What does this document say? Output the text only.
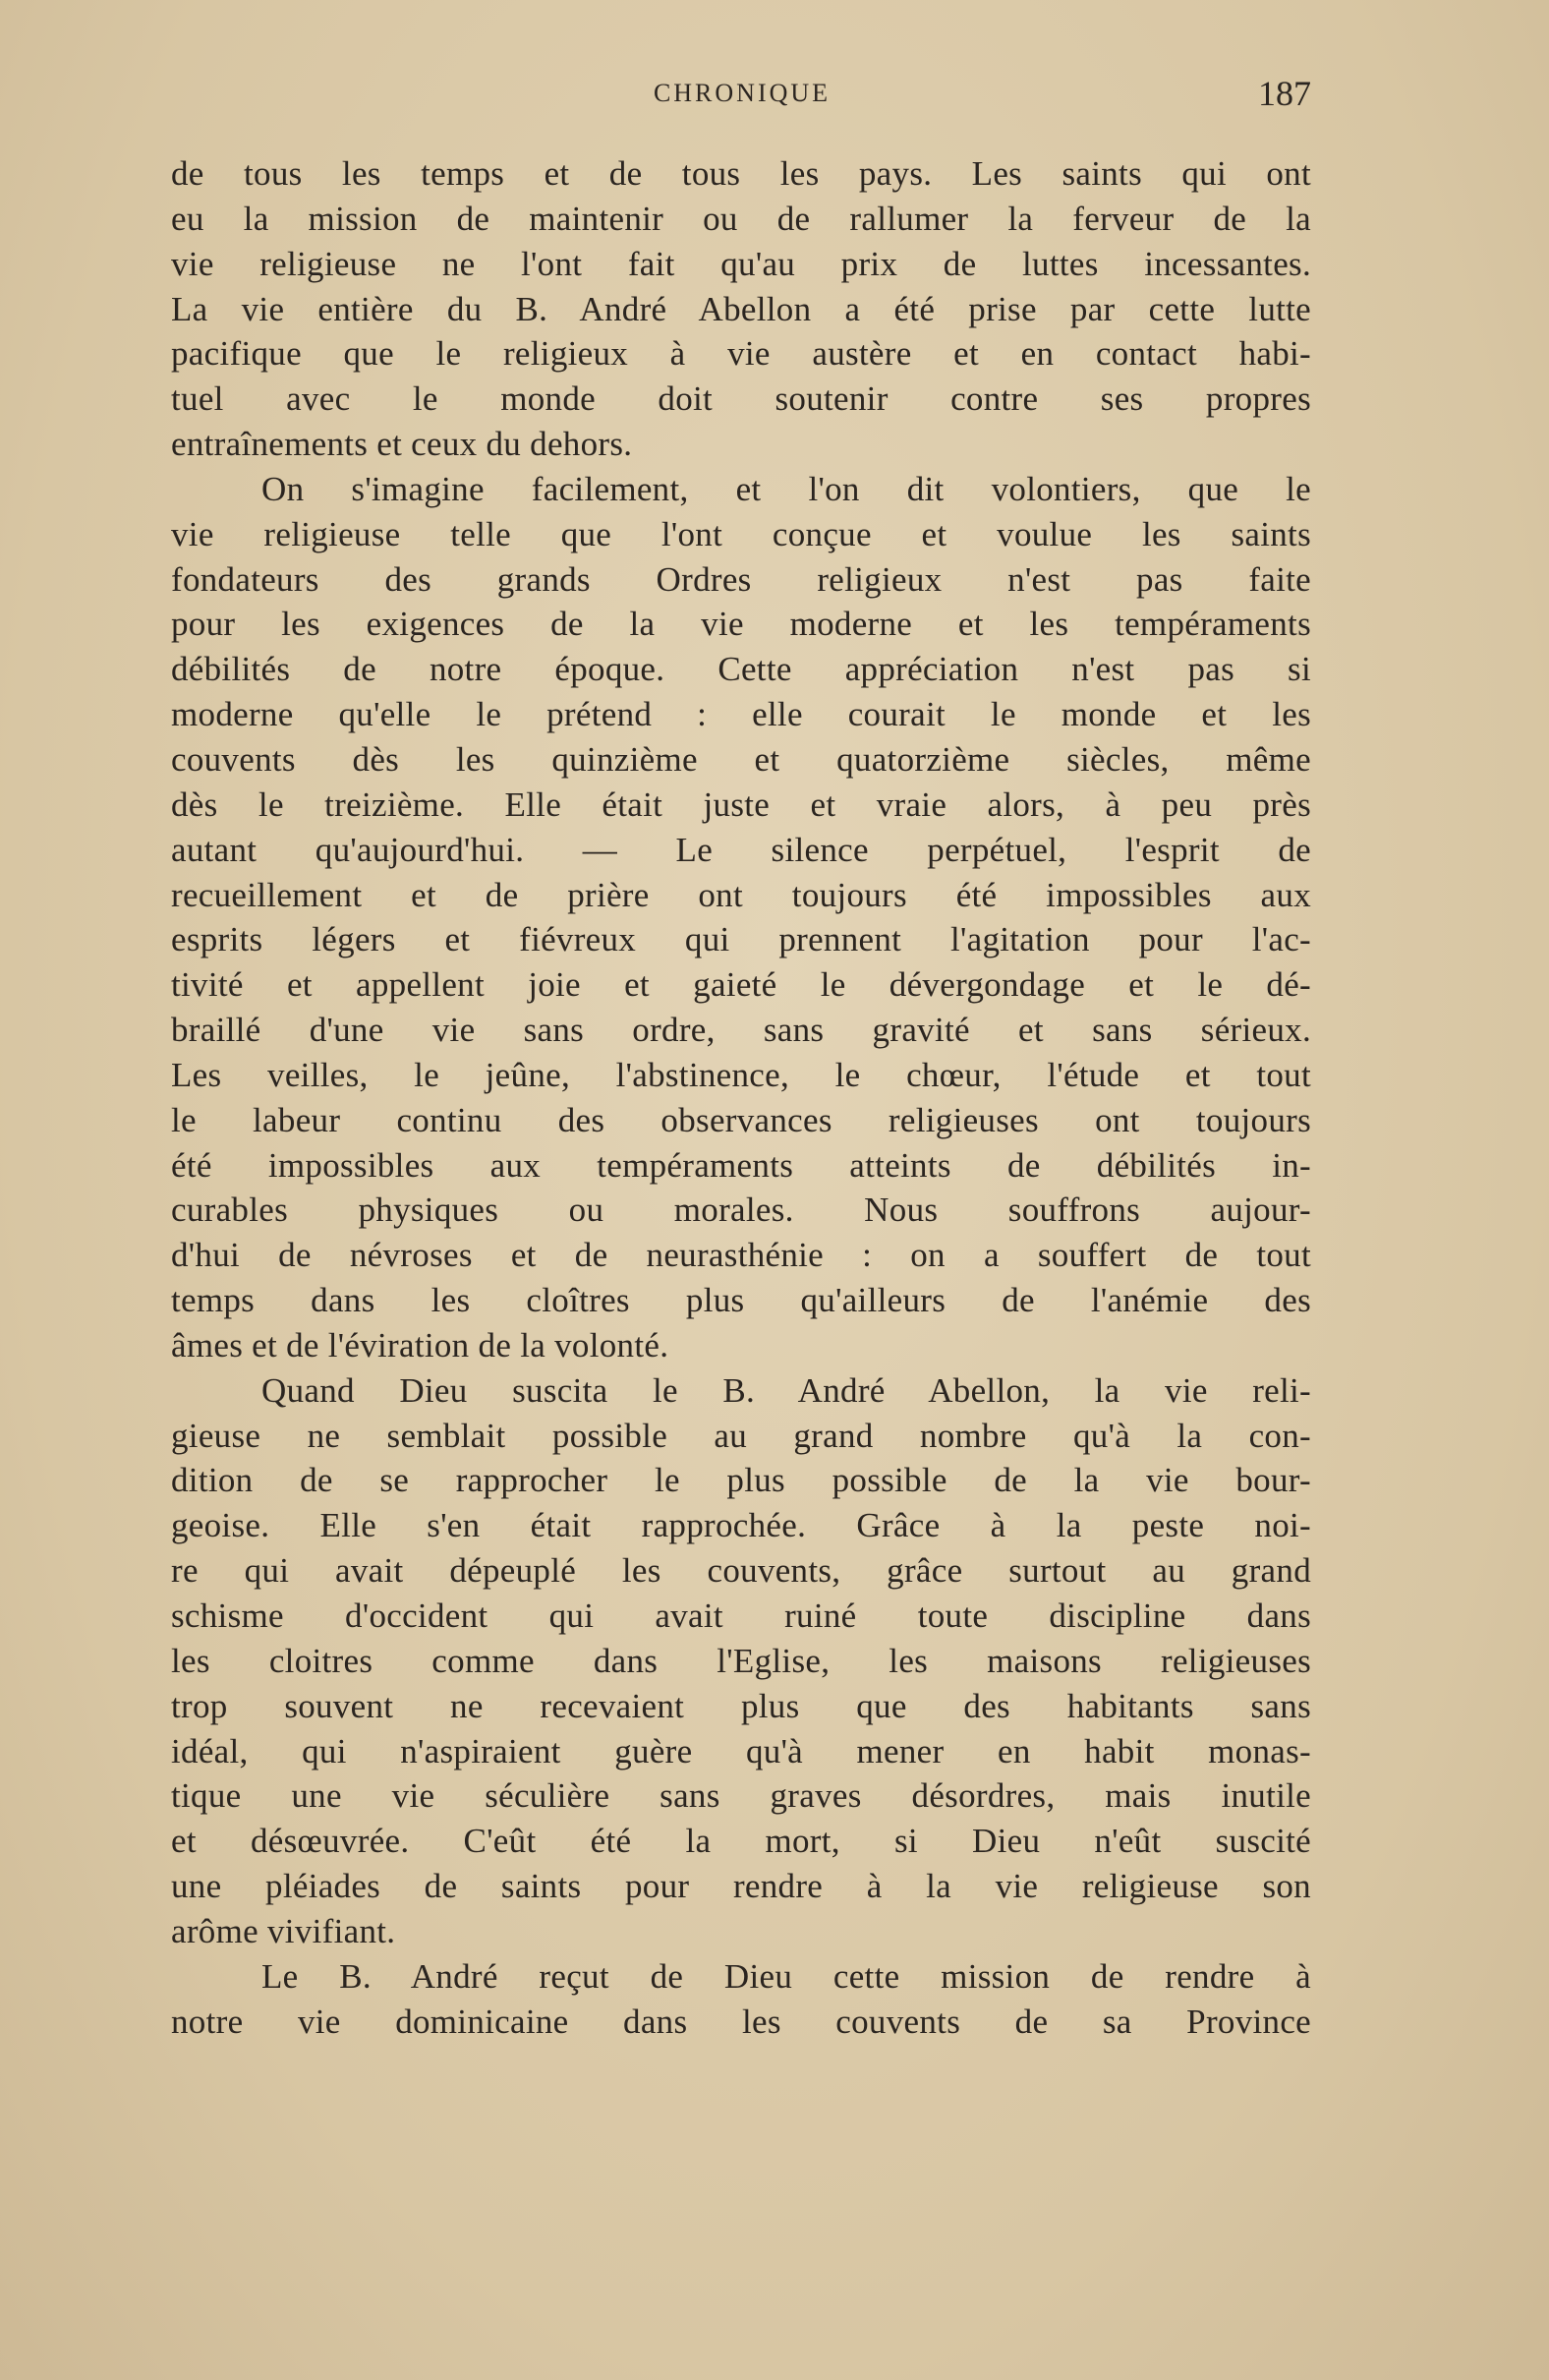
CHRONIQUE	187
de tous les temps et de tous les pays. Les saints qui ont
eu la mission de maintenir ou de rallumer la ferveur de la
vie religieuse ne l'ont fait qu'au prix de luttes incessantes.
La vie entière du B. André Abellon a été prise par cette lutte
pacifique que le religieux à vie austère et en contact habi-
tuel avec le monde doit soutenir contre ses propres
entraînements et ceux du dehors.
On s'imagine facilement, et l'on dit volontiers, que le
vie religieuse telle que l'ont conçue et voulue les saints
fondateurs des grands Ordres religieux n'est pas faite
pour les exigences de la vie moderne et les tempéraments
débilités de notre époque. Cette appréciation n'est pas si
moderne qu'elle le prétend : elle courait le monde et les
couvents dès les quinzième et quatorzième siècles, même
dès le treizième. Elle était juste et vraie alors, à peu près
autant qu'aujourd'hui. — Le silence perpétuel, l'esprit de
recueillement et de prière ont toujours été impossibles aux
esprits légers et fiévreux qui prennent l'agitation pour l'ac-
tivité et appellent joie et gaieté le dévergondage et le dé-
braillé d'une vie sans ordre, sans gravité et sans sérieux.
Les veilles, le jeûne, l'abstinence, le chœur, l'étude et tout
le labeur continu des observances religieuses ont toujours
été impossibles aux tempéraments atteints de débilités in-
curables physiques ou morales. Nous souffrons aujour-
d'hui de névroses et de neurasthénie : on a souffert de tout
temps dans les cloîtres plus qu'ailleurs de l'anémie des
âmes et de l'éviration de la volonté.
Quand Dieu suscita le B. André Abellon, la vie reli-
gieuse ne semblait possible au grand nombre qu'à la con-
dition de se rapprocher le plus possible de la vie bour-
geoise. Elle s'en était rapprochée. Grâce à la peste noi-
re qui avait dépeuplé les couvents, grâce surtout au grand
schisme d'occident qui avait ruiné toute discipline dans
les cloitres comme dans l'Eglise, les maisons religieuses
trop souvent ne recevaient plus que des habitants sans
idéal, qui n'aspiraient guère qu'à mener en habit monas-
tique une vie séculière sans graves désordres, mais inutile
et désœuvrée. C'eût été la mort, si Dieu n'eût suscité
une pléiades de saints pour rendre à la vie religieuse son
arôme vivifiant.
Le B. André reçut de Dieu cette mission de rendre à
notre vie dominicaine dans les couvents de sa Province
